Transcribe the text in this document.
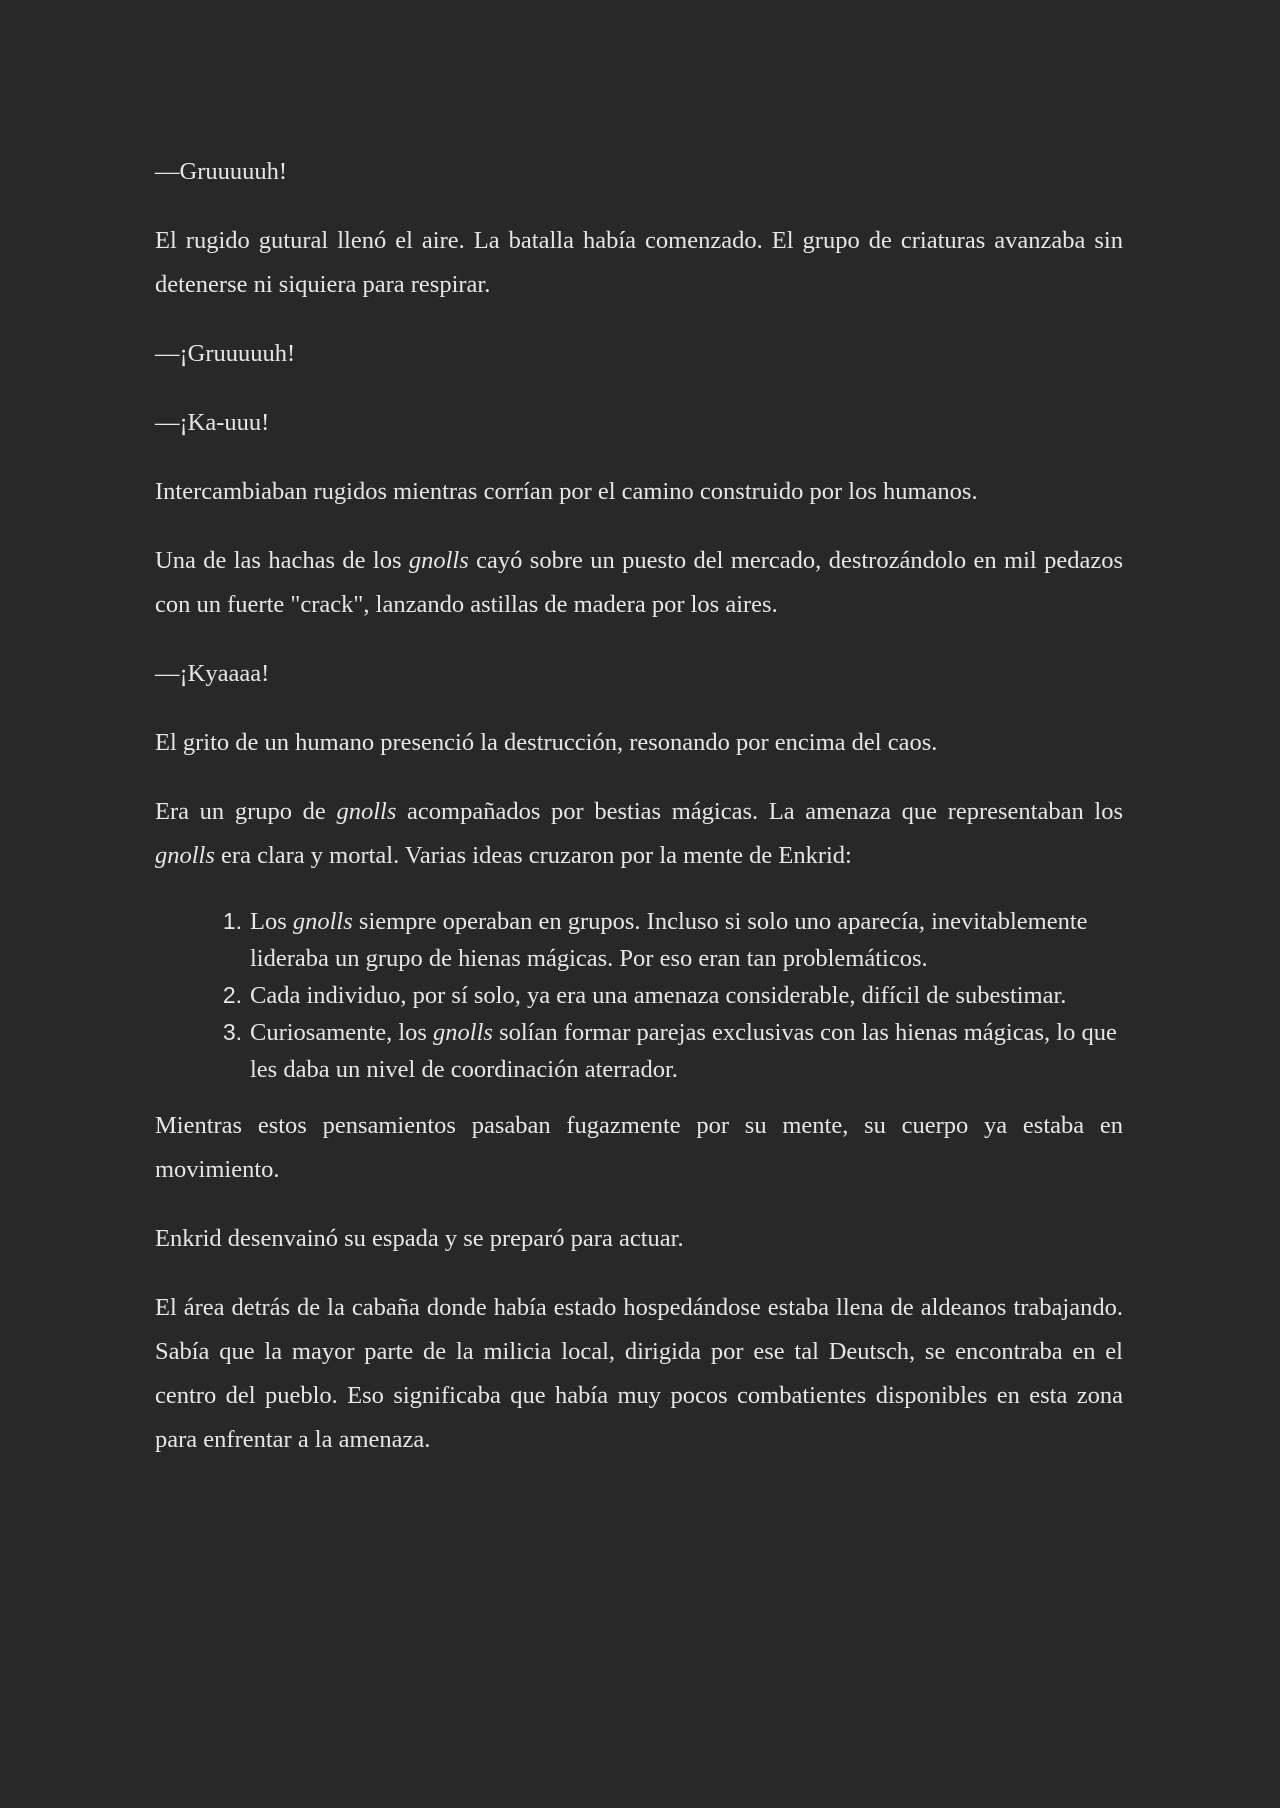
—Gruuuuuh!

El rugido gutural llenó el aire. La batalla había comenzado. El grupo de criaturas avanzaba sin detenerse ni siquiera para respirar.

—¡Gruuuuuh!

—¡Ka-uuu!

Intercambiaban rugidos mientras corrían por el camino construido por los humanos.

Una de las hachas de los gnolls cayó sobre un puesto del mercado, destrozándolo en mil pedazos con un fuerte "crack", lanzando astillas de madera por los aires.

—¡Kyaaaa!

El grito de un humano presenció la destrucción, resonando por encima del caos.

Era un grupo de gnolls acompañados por bestias mágicas. La amenaza que representaban los gnolls era clara y mortal. Varias ideas cruzaron por la mente de Enkrid:

1. Los gnolls siempre operaban en grupos. Incluso si solo uno aparecía, inevitablemente lideraba un grupo de hienas mágicas. Por eso eran tan problemáticos.
2. Cada individuo, por sí solo, ya era una amenaza considerable, difícil de subestimar.
3. Curiosamente, los gnolls solían formar parejas exclusivas con las hienas mágicas, lo que les daba un nivel de coordinación aterrador.

Mientras estos pensamientos pasaban fugazmente por su mente, su cuerpo ya estaba en movimiento.

Enkrid desenvainó su espada y se preparó para actuar.

El área detrás de la cabaña donde había estado hospedándose estaba llena de aldeanos trabajando. Sabía que la mayor parte de la milicia local, dirigida por ese tal Deutsch, se encontraba en el centro del pueblo. Eso significaba que había muy pocos combatientes disponibles en esta zona para enfrentar a la amenaza.
